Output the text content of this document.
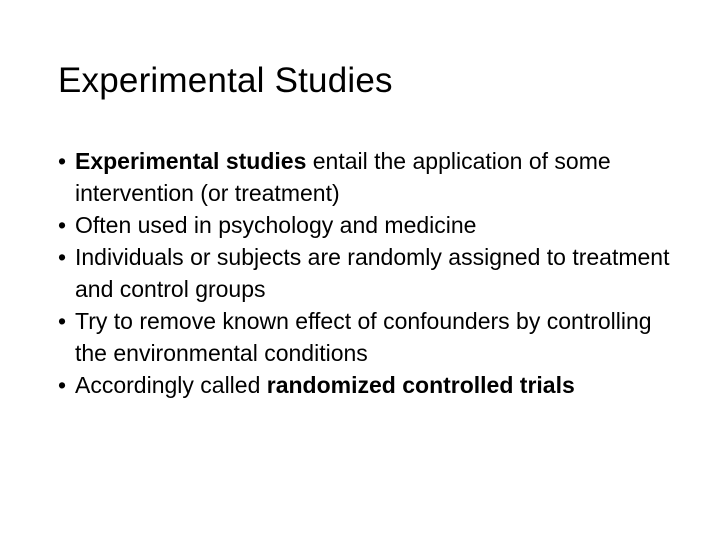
Experimental Studies
• Experimental studies entail the application of some intervention (or treatment)
• Often used in psychology and medicine
• Individuals or subjects are randomly assigned to treatment and control groups
• Try to remove known effect of confounders by controlling the environmental conditions
• Accordingly called randomized controlled trials
